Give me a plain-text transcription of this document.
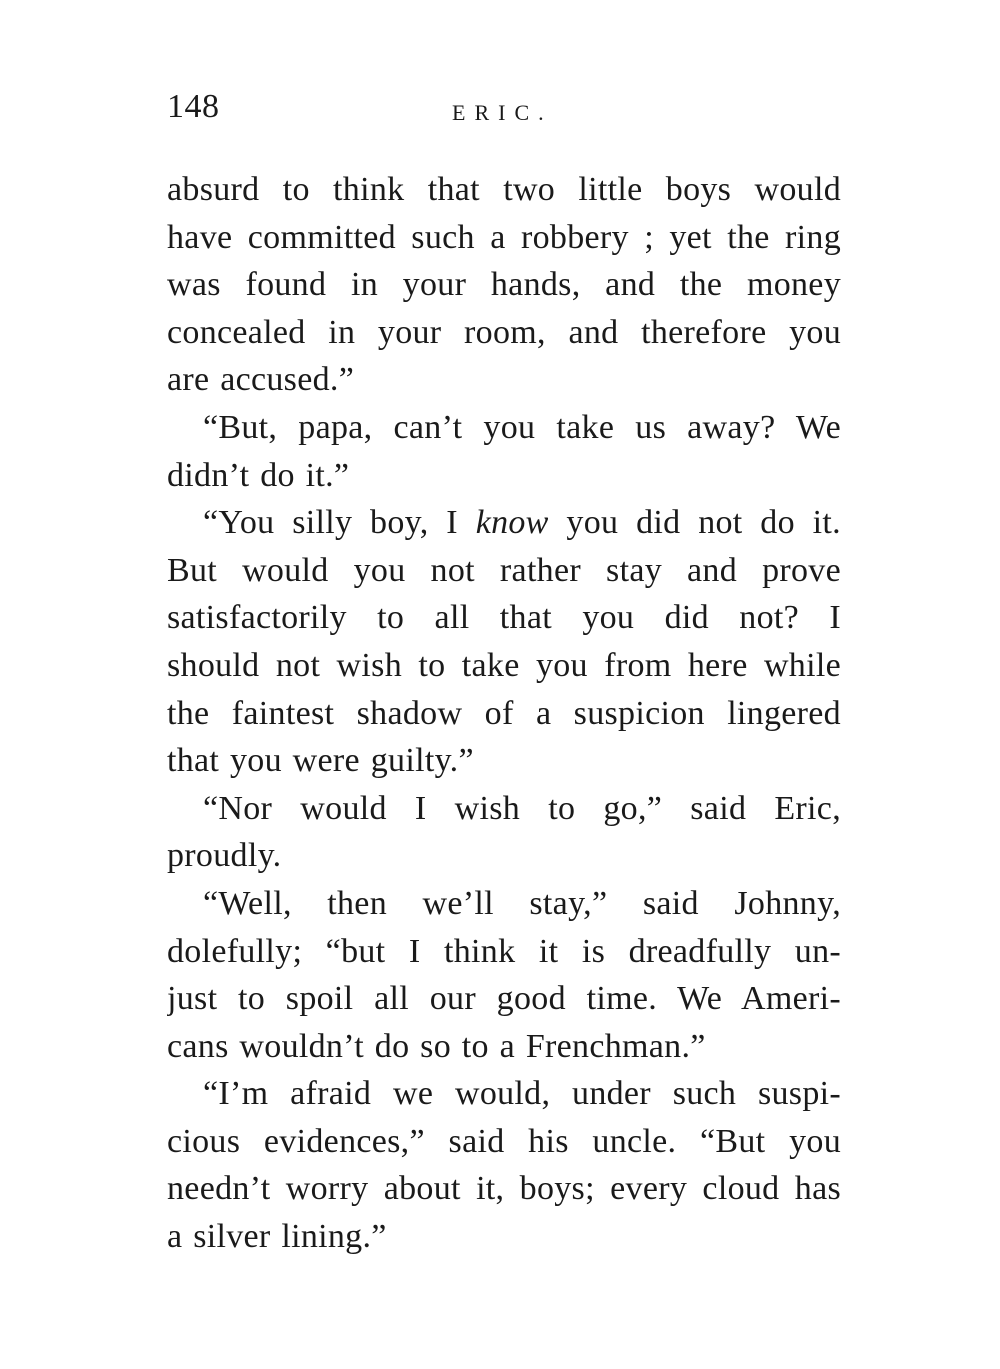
148	ERIC.
absurd to think that two little boys would
have committed such a robbery ; yet the ring
was found in your hands, and the money
concealed in your room, and therefore you
are accused.”
“But, papa, can’t you take us away? We
didn’t do it.”
“You silly boy, I know you did not do it.
But would you not rather stay and prove
satisfactorily to all that you did not? I
should not wish to take you from here while
the faintest shadow of a suspicion lingered
that you were guilty.”
“Nor would I wish to go,” said Eric,
proudly.
“Well, then we’ll stay,” said Johnny,
dolefully; “but I think it is dreadfully un-
just to spoil all our good time. We Ameri-
cans wouldn’t do so to a Frenchman.”
“I’m afraid we would, under such suspi-
cious evidences,” said his uncle. “But you
needn’t worry about it, boys; every cloud has
a silver lining.”
